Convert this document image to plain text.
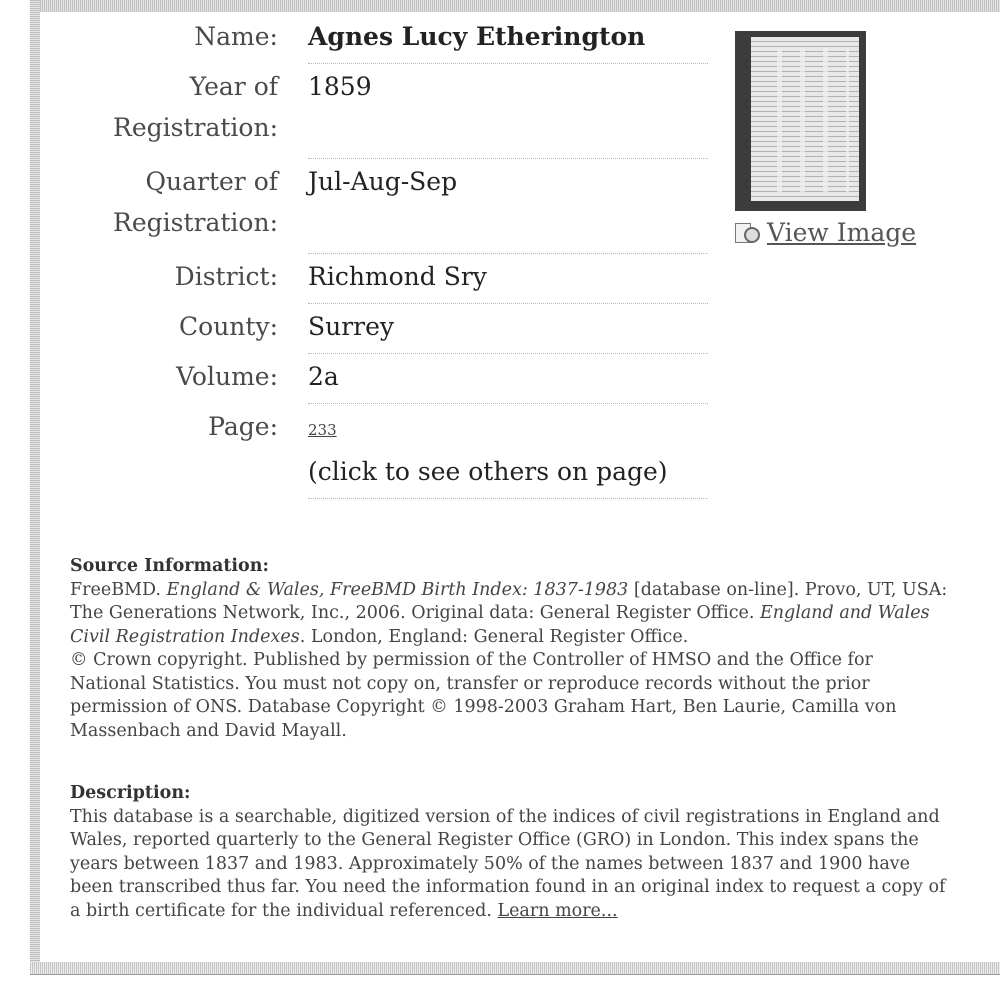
Name: Agnes Lucy Etherington
Year of Registration:
1859
Quarter of Registration:
Jul-Aug-Sep
District: Richmond Sry
County: Surrey
Volume: 2a
Page: 233
(click to see others on page)
View Image
Source Information:
FreeBMD. England & Wales, FreeBMD Birth Index: 1837-1983 [database on-line]. Provo, UT, USA: The Generations Network, Inc., 2006. Original data: General Register Office. England and Wales Civil Registration Indexes. London, England: General Register Office.
© Crown copyright. Published by permission of the Controller of HMSO and the Office for National Statistics. You must not copy on, transfer or reproduce records without the prior permission of ONS. Database Copyright © 1998-2003 Graham Hart, Ben Laurie, Camilla von Massenbach and David Mayall.
Description:
This database is a searchable, digitized version of the indices of civil registrations in England and Wales, reported quarterly to the General Register Office (GRO) in London. This index spans the years between 1837 and 1983. Approximately 50% of the names between 1837 and 1900 have been transcribed thus far. You need the information found in an original index to request a copy of a birth certificate for the individual referenced. Learn more...
